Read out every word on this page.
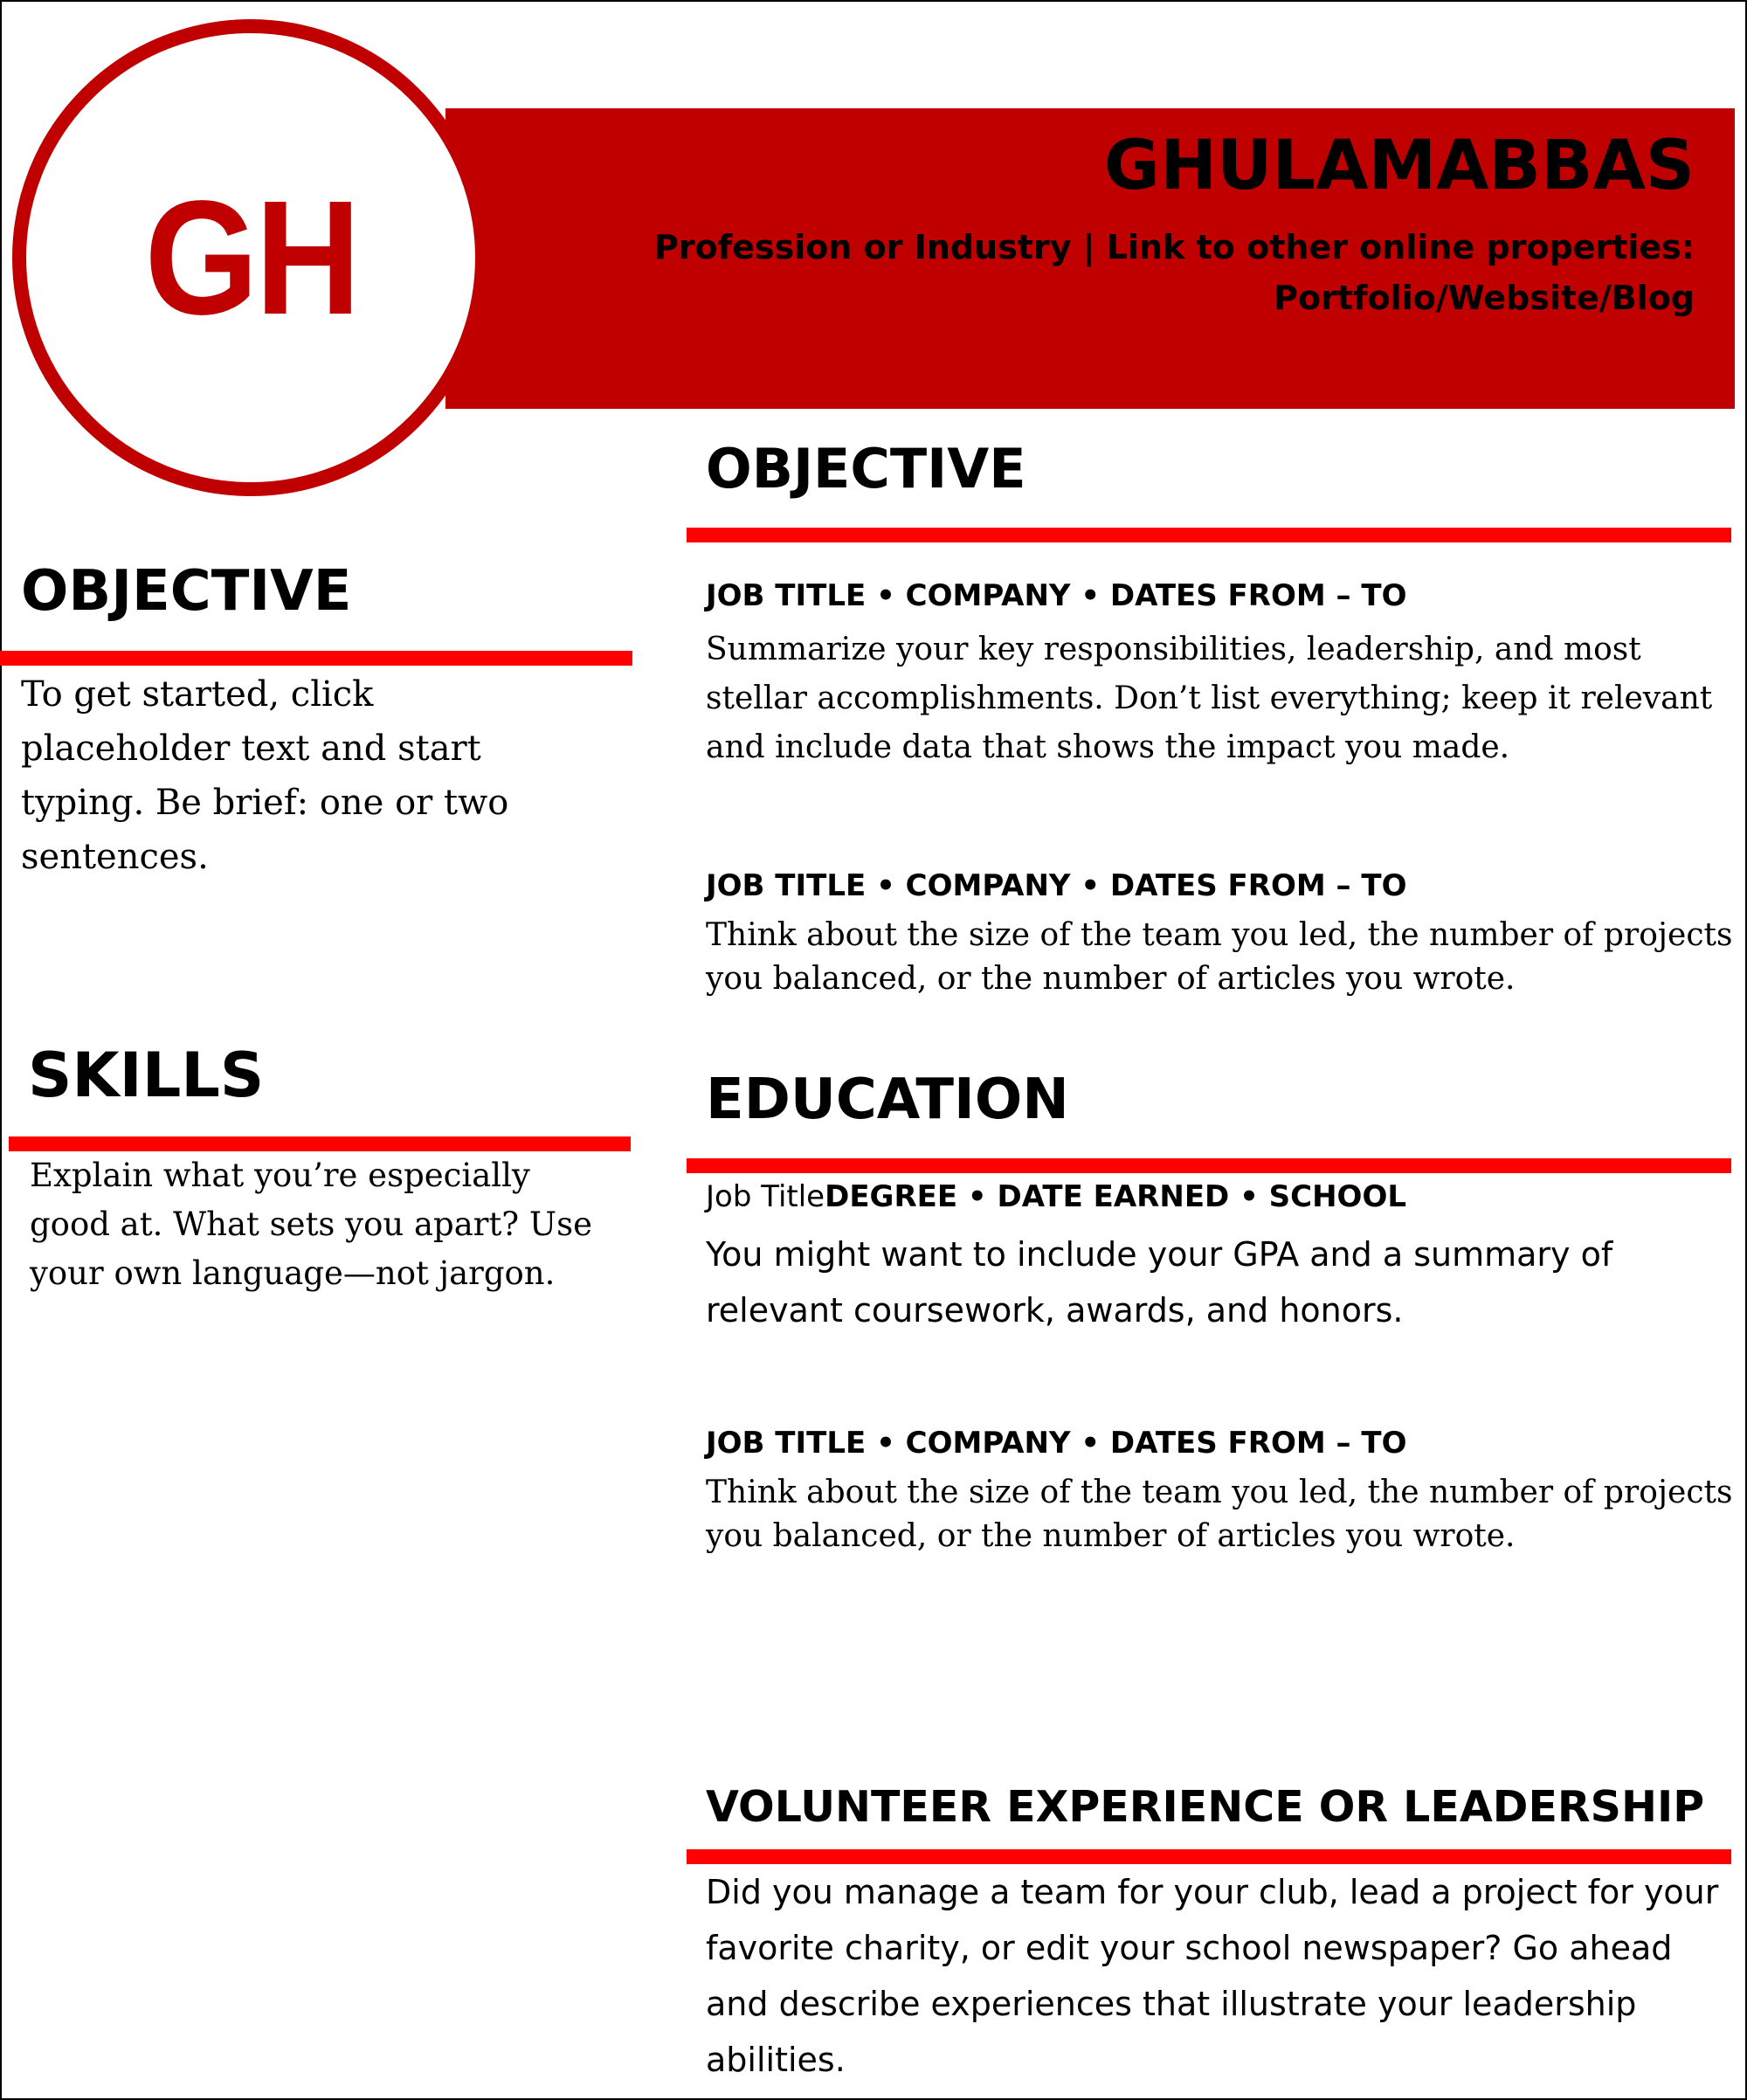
GHULAMABBAS

Profession or Industry | Link to other online properties:
Portfolio/Website/Blog

GH
OBJECTIVE

To get started, click placeholder text and start typing. Be brief: one or two sentences.

SKILLS

Explain what you’re especially good at. What sets you apart? Use your own language—not jargon.

OBJECTIVE

JOB TITLE • COMPANY • DATES FROM – TO

Summarize your key responsibilities, leadership, and most stellar accomplishments. Don’t list everything; keep it relevant and include data that shows the impact you made.

JOB TITLE • COMPANY • DATES FROM – TO

Think about the size of the team you led, the number of projects you balanced, or the number of articles you wrote.

EDUCATION

Job TitleDEGREE • DATE EARNED • SCHOOL

You might want to include your GPA and a summary of relevant coursework, awards, and honors.

JOB TITLE • COMPANY • DATES FROM – TO

Think about the size of the team you led, the number of projects you balanced, or the number of articles you wrote.

VOLUNTEER EXPERIENCE OR LEADERSHIP

Did you manage a team for your club, lead a project for your favorite charity, or edit your school newspaper? Go ahead and describe experiences that illustrate your leadership abilities.
